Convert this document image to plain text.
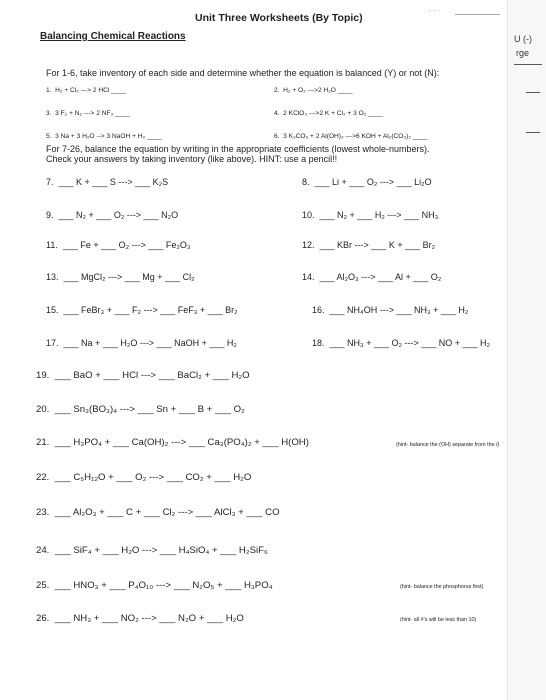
U (-)
rge
· · ·
Unit Three Worksheets (By Topic)
Balancing Chemical Reactions
For 1-6, take inventory of each side and determine whether the equation is balanced (Y) or not (N):
1. H₂ + Cl₂ ---> 2 HCl ____	2. H₂ + O₂ --->2 H₂O ____
3. 3 F₂ + N₂ ---> 2 NF₃ ____	4. 2 KClO₃ --->2 K + Cl₂ + 3 O₂ ____
5. 3 Na + 3 H₂O --> 3 NaOH + H₂ ____	6. 3 K₂CO₃ + 2 Al(OH)₃ --->6 KOH + Al₂(CO₃)₃ ____
For 7-26, balance the equation by writing in the appropriate coefficients (lowest whole-numbers).
Check your answers by taking inventory (like above). HINT: use a pencil!!
7. ___ K + ___ S ---> ___ K₂S	8. ___ Li + ___ O₂ ---> ___ Li₂O
9. ___ N₂ + ___ O₂ ---> ___ N₂O	10. ___ N₂ + ___ H₂ ---> ___ NH₃
11. ___ Fe + ___ O₂ ---> ___ Fe₂O₃	12. ___ KBr ---> ___ K + ___ Br₂
13. ___ MgCl₂ ---> ___ Mg + ___ Cl₂	14. ___ Al₂O₃ ---> ___ Al + ___ O₂
15. ___ FeBr₃ + ___ F₂ ---> ___ FeF₃ + ___ Br₂	16. ___ NH₄OH ---> ___ NH₃ + ___ H₂
17. ___ Na + ___ H₂O ---> ___ NaOH + ___ H₂	18. ___ NH₃ + ___ O₂ ---> ___ NO + ___ H₂
19. ___ BaO + ___ HCl ---> ___ BaCl₂ + ___ H₂O
20. ___ Sn₃(BO₃)₄ ---> ___ Sn + ___ B + ___ O₂
21. ___ H₃PO₄ + ___ Ca(OH)₂ ---> ___ Ca₃(PO₄)₂ + ___ H(OH)	(hint- balance the (OH) separate from the (I
22. ___ C₅H₁₂O + ___ O₂ ---> ___ CO₂ + ___ H₂O
23. ___ Al₂O₃ + ___ C + ___ Cl₂ ---> ___ AlCl₃ + ___ CO
24. ___ SiF₄ + ___ H₂O ---> ___ H₄SiO₄ + ___ H₂SiF₆
25. ___ HNO₃ + ___ P₄O₁₀ ---> ___ N₂O₅ + ___ H₃PO₄	(hint- balance the phosphorus first)
26. ___ NH₃ + ___ NO₂ ---> ___ N₂O + ___ H₂O	(hint- all #'s will be less than 10)
